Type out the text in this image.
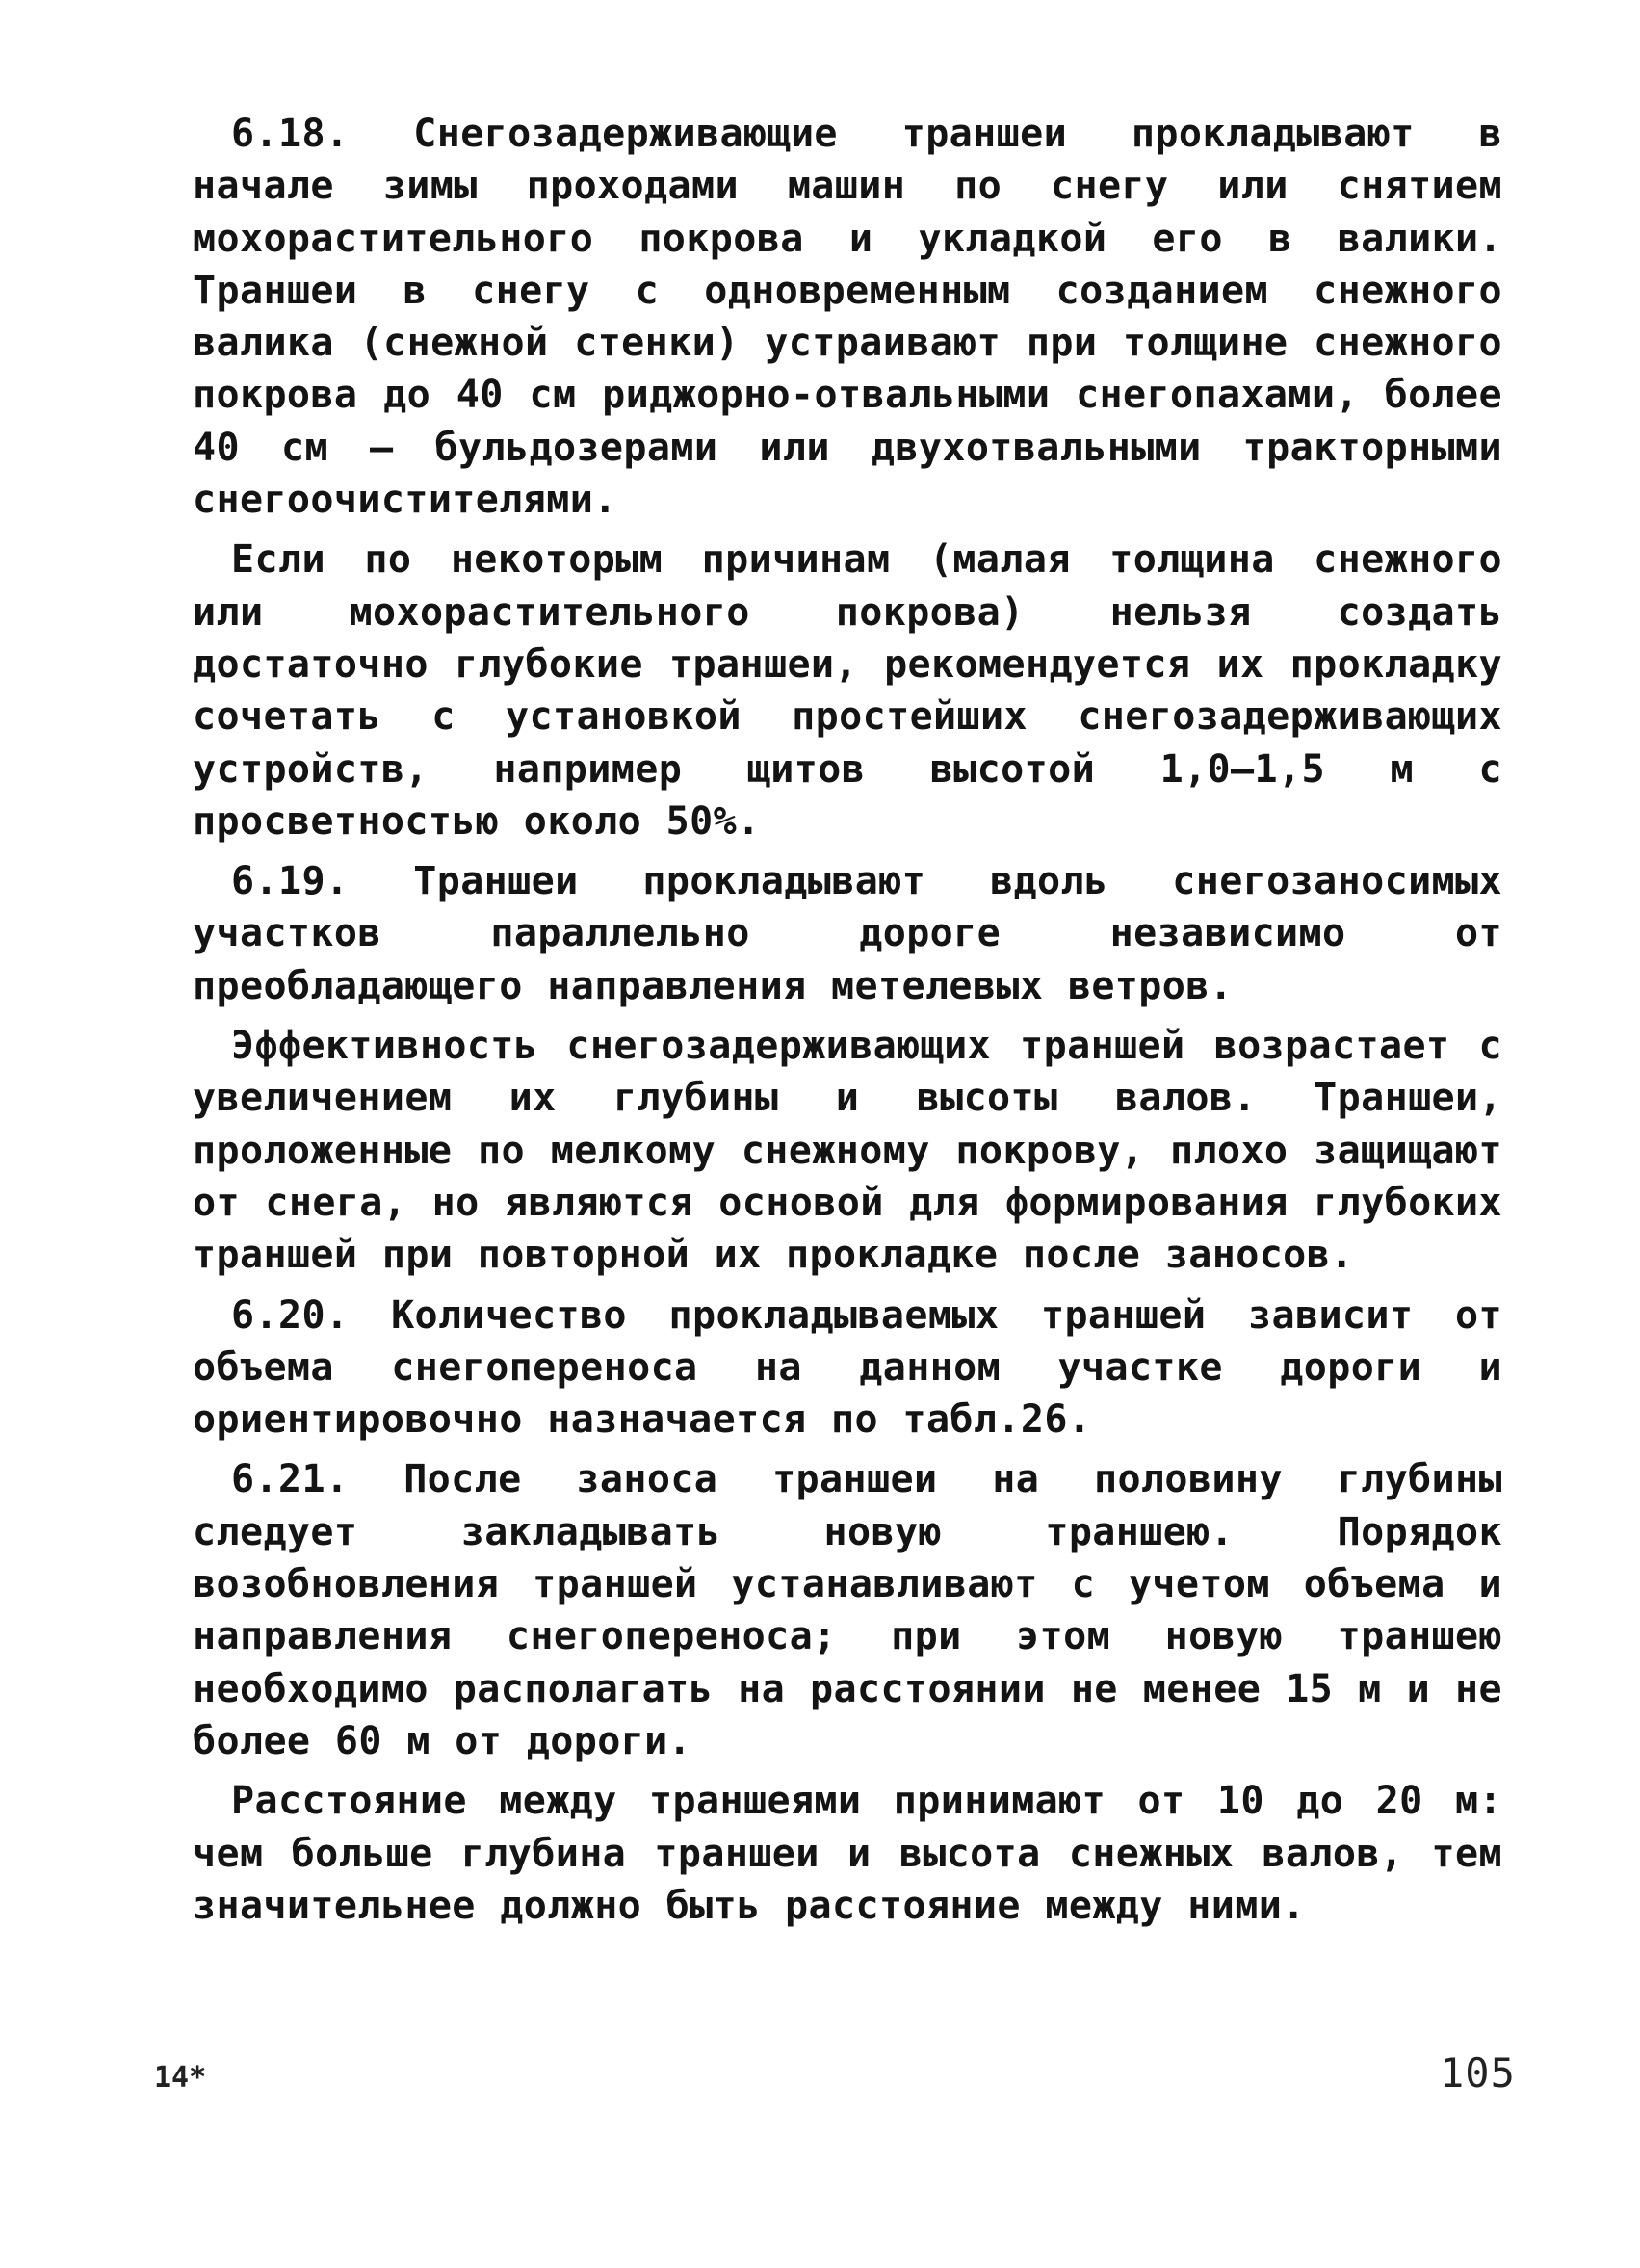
6.18. Снегозадерживающие траншеи прокладывают в начале зимы проходами машин по снегу или снятием мохорастительного покрова и укладкой его в валики. Траншеи в снегу с одновременным созданием снежного валика (снежной стенки) устраивают при толщине снежного покрова до 40 см риджорно-отвальными снегопахами, более 40 см – бульдозерами или двухотвальными тракторными снегоочистителями.

Если по некоторым причинам (малая толщина снежного или мохорастительного покрова) нельзя создать достаточно глубокие траншеи, рекомендуется их прокладку сочетать с установкой простейших снегозадерживающих устройств, например щитов высотой 1,0–1,5 м с просветностью около 50%.

6.19. Траншеи прокладывают вдоль снегозаносимых участков параллельно дороге независимо от преобладающего направления метелевых ветров.

Эффективность снегозадерживающих траншей возрастает с увеличением их глубины и высоты валов. Траншеи, проложенные по мелкому снежному покрову, плохо защищают от снега, но являются основой для формирования глубоких траншей при повторной их прокладке после заносов.

6.20. Количество прокладываемых траншей зависит от объема снегопереноса на данном участке дороги и ориентировочно назначается по табл.26.

6.21. После заноса траншеи на половину глубины следует закладывать новую траншею. Порядок возобновления траншей устанавливают с учетом объема и направления снегопереноса; при этом новую траншею необходимо располагать на расстоянии не менее 15 м и не более 60 м от дороги.

Расстояние между траншеями принимают от 10 до 20 м: чем больше глубина траншеи и высота снежных валов, тем значительнее должно быть расстояние между ними.

14*	105
